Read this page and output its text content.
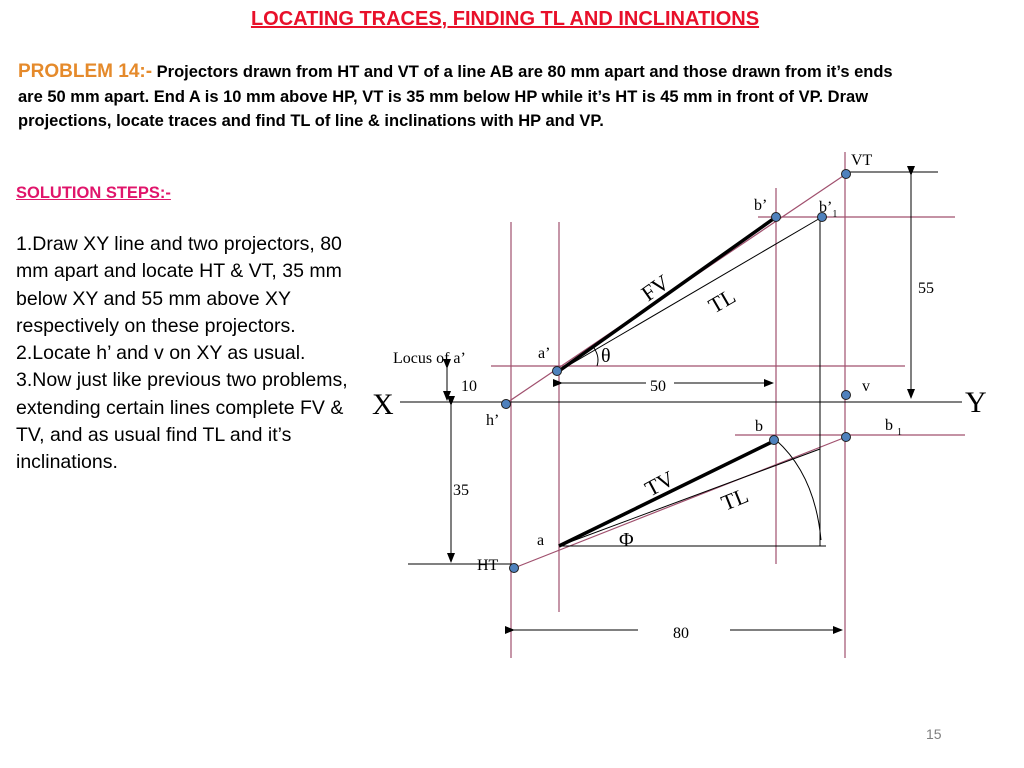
LOCATING TRACES, FINDING TL AND INCLINATIONS
PROBLEM 14:- Projectors drawn from HT and VT of a line AB are 80 mm apart and those drawn from it’s ends are 50 mm apart. End A is 10 mm above HP, VT is 35 mm below HP while it’s HT is 45 mm in front of VP. Draw projections, locate traces and find TL of line & inclinations with HP and VP.
SOLUTION STEPS:-

1.Draw XY line and two projectors, 80 mm apart and locate HT & VT, 35 mm below XY and 55 mm above XY respectively on these projectors.

2.Locate h’ and v on XY as usual.

3.Now just like previous two problems, extending certain lines complete FV & TV, and as usual find TL and it’s inclinations.

VT
b’	$b’_1$
FV TL	55
Locus of a’	a’	θ
10	50	v
X	Y
h’	b	b $_1$
35	TV TL
a	Φ
HT
80
15
